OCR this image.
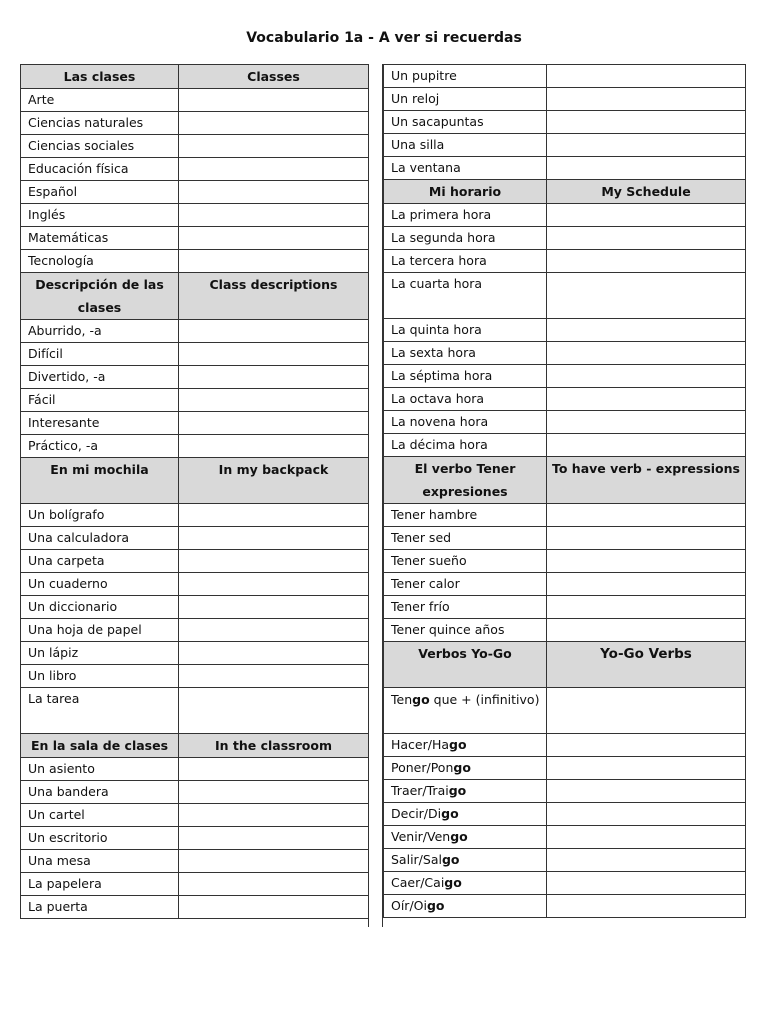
Vocabulario 1a - A ver si recuerdas
Las clases	Classes
Arte	
Ciencias naturales	
Ciencias sociales	
Educación física	
Español	
Inglés	
Matemáticas	
Tecnología	
Descripción de las clases	Class descriptions
Aburrido, -a	
Difícil	
Divertido, -a	
Fácil	
Interesante	
Práctico, -a	
En mi mochila	In my backpack
Un bolígrafo	
Una calculadora	
Una carpeta	
Un cuaderno	
Un diccionario	
Una hoja de papel	
Un lápiz	
Un libro	
La tarea	
En la sala de clases	In the classroom
Un asiento	
Una bandera	
Un cartel	
Un escritorio	
Una mesa	
La papelera	
La puerta	
Un pupitre	
Un reloj	
Un sacapuntas	
Una silla	
La ventana	
Mi horario	My Schedule
La primera hora	
La segunda hora	
La tercera hora	
La cuarta hora	
La quinta hora	
La sexta hora	
La séptima hora	
La octava hora	
La novena hora	
La décima hora	
El verbo Tener expresiones	To have verb - expressions
Tener hambre	
Tener sed	
Tener sueño	
Tener calor	
Tener frío	
Tener quince años	
Verbos Yo-Go	Yo-Go Verbs
Tengo que + (infinitivo)	
Hacer/Hago	
Poner/Pongo	
Traer/Traigo	
Decir/Digo	
Venir/Vengo	
Salir/Salgo	
Caer/Caigo	
Oír/Oigo	
